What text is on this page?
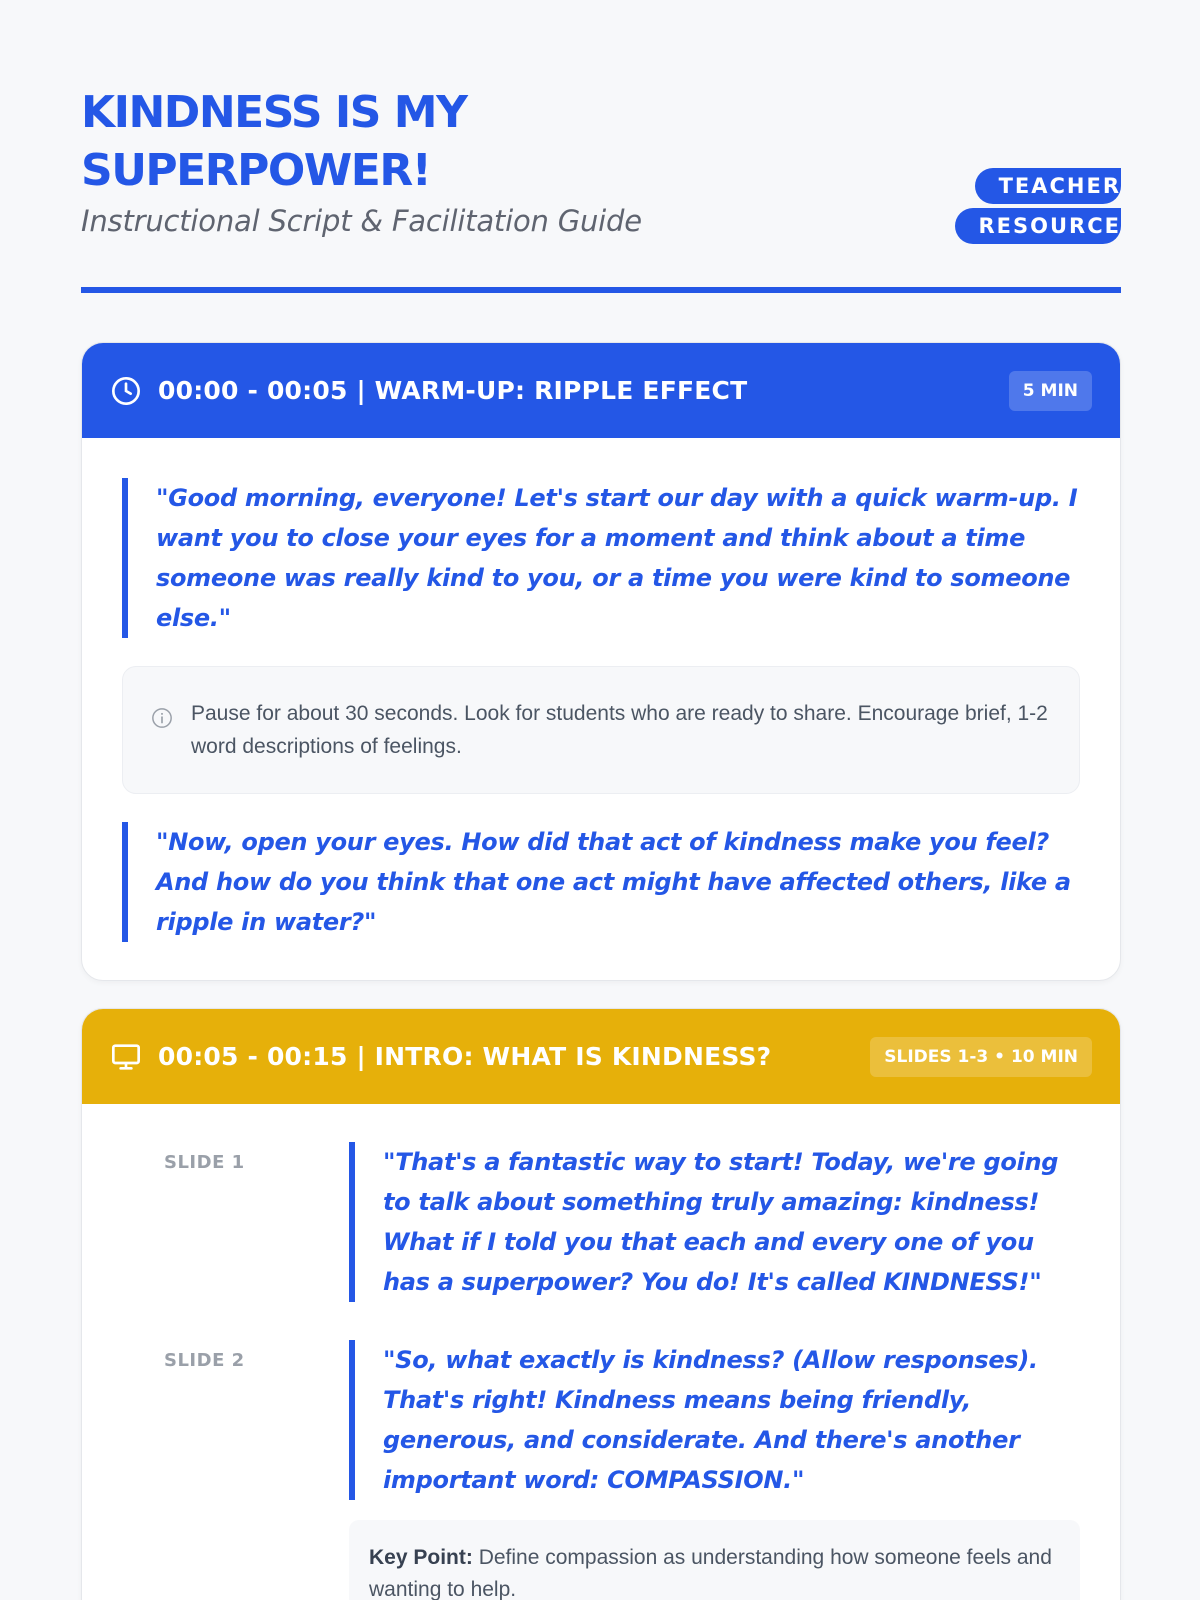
KINDNESS IS MY SUPERPOWER!
Instructional Script & Facilitation Guide
TEACHER RESOURCE
00:00 - 00:05 | WARM-UP: RIPPLE EFFECT	5 MIN
"Good morning, everyone! Let's start our day with a quick warm-up. I want you to close your eyes for a moment and think about a time someone was really kind to you, or a time you were kind to someone else."
Pause for about 30 seconds. Look for students who are ready to share. Encourage brief, 1-2 word descriptions of feelings.
"Now, open your eyes. How did that act of kindness make you feel? And how do you think that one act might have affected others, like a ripple in water?"
00:05 - 00:15 | INTRO: WHAT IS KINDNESS?	SLIDES 1-3 • 10 MIN
SLIDE 1	"That's a fantastic way to start! Today, we're going to talk about something truly amazing: kindness! What if I told you that each and every one of you has a superpower? You do! It's called KINDNESS!"
SLIDE 2	"So, what exactly is kindness? (Allow responses). That's right! Kindness means being friendly, generous, and considerate. And there's another important word: COMPASSION."
Key Point: Define compassion as understanding how someone feels and wanting to help.
